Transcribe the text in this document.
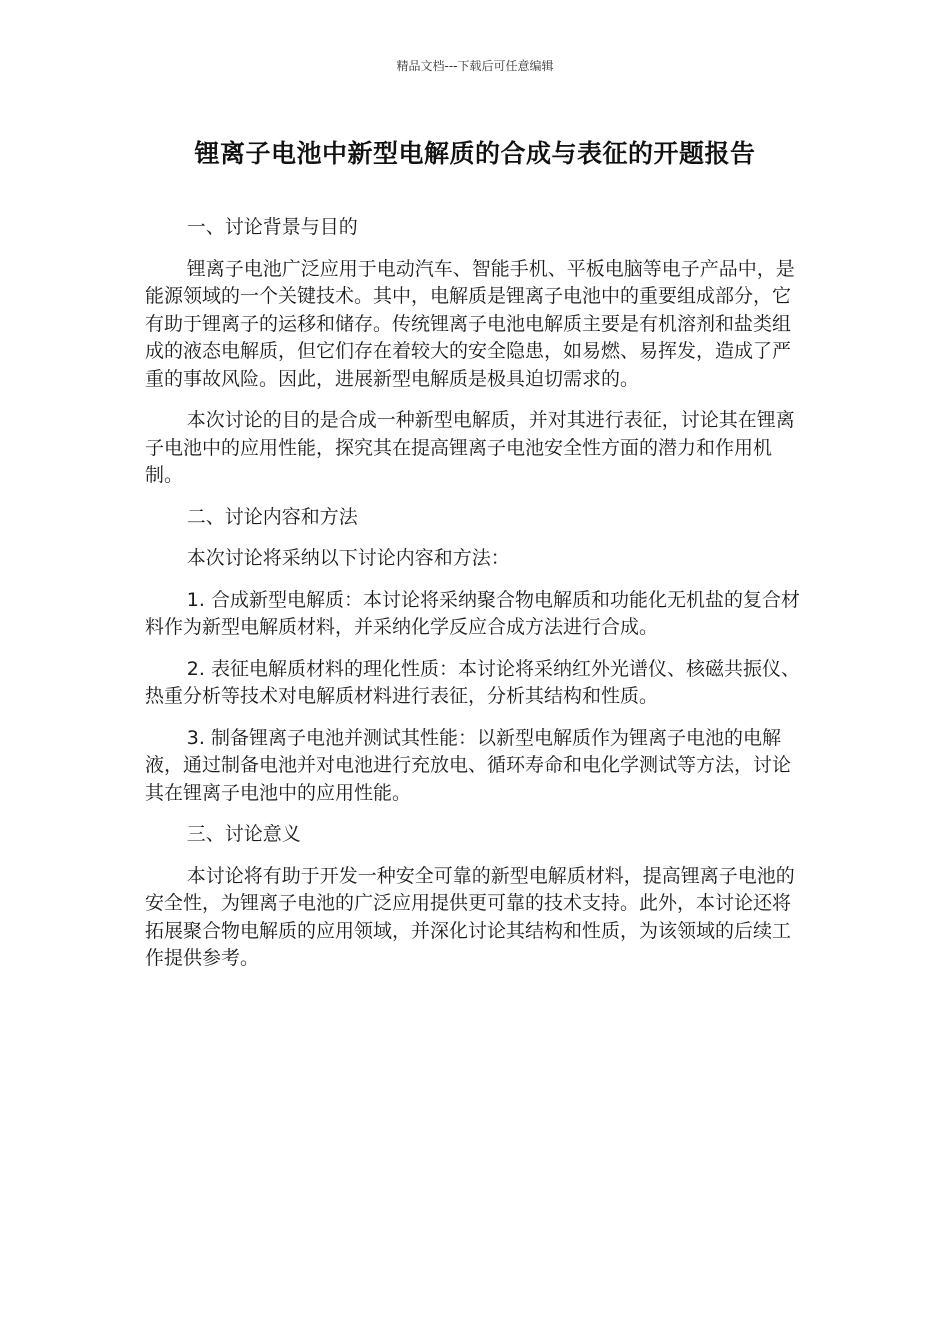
精品文档---下载后可任意编辑
锂离子电池中新型电解质的合成与表征的开题报告

一、讨论背景与目的

锂离子电池广泛应用于电动汽车、智能手机、平板电脑等电子产品中，是能源领域的一个关键技术。其中，电解质是锂离子电池中的重要组成部分，它有助于锂离子的运移和储存。传统锂离子电池电解质主要是有机溶剂和盐类组成的液态电解质，但它们存在着较大的安全隐患，如易燃、易挥发，造成了严重的事故风险。因此，进展新型电解质是极具迫切需求的。

本次讨论的目的是合成一种新型电解质，并对其进行表征，讨论其在锂离子电池中的应用性能，探究其在提高锂离子电池安全性方面的潜力和作用机制。

二、讨论内容和方法

本次讨论将采纳以下讨论内容和方法：

1. 合成新型电解质：本讨论将采纳聚合物电解质和功能化无机盐的复合材料作为新型电解质材料，并采纳化学反应合成方法进行合成。

2. 表征电解质材料的理化性质：本讨论将采纳红外光谱仪、核磁共振仪、热重分析等技术对电解质材料进行表征，分析其结构和性质。

3. 制备锂离子电池并测试其性能：以新型电解质作为锂离子电池的电解液，通过制备电池并对电池进行充放电、循环寿命和电化学测试等方法，讨论其在锂离子电池中的应用性能。

三、讨论意义

本讨论将有助于开发一种安全可靠的新型电解质材料，提高锂离子电池的安全性，为锂离子电池的广泛应用提供更可靠的技术支持。此外，本讨论还将拓展聚合物电解质的应用领域，并深化讨论其结构和性质，为该领域的后续工作提供参考。
